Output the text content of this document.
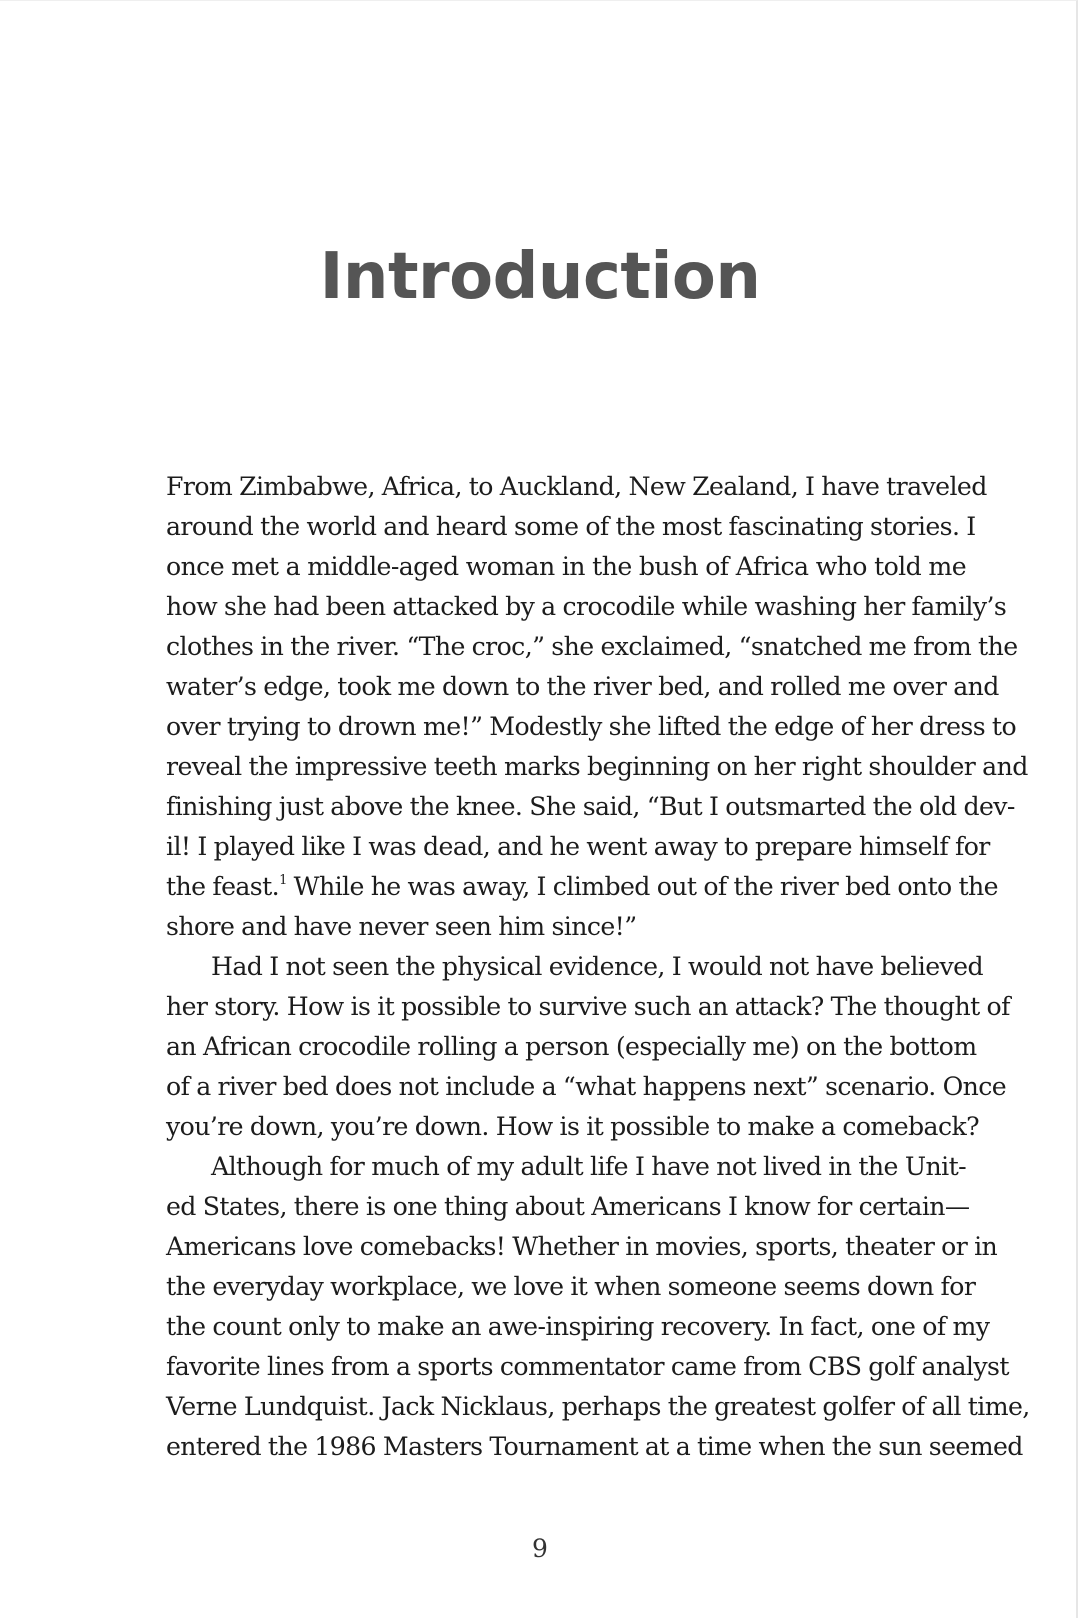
Introduction

From Zimbabwe, Africa, to Auckland, New Zealand, I have traveled
around the world and heard some of the most fascinating stories. I
once met a middle-aged woman in the bush of Africa who told me
how she had been attacked by a crocodile while washing her family’s
clothes in the river. “The croc,” she exclaimed, “snatched me from the
water’s edge, took me down to the river bed, and rolled me over and
over trying to drown me!” Modestly she lifted the edge of her dress to
reveal the impressive teeth marks beginning on her right shoulder and
finishing just above the knee. She said, “But I outsmarted the old dev-
il! I played like I was dead, and he went away to prepare himself for
the feast.$^1$ While he was away, I climbed out of the river bed onto the
shore and have never seen him since!”

Had I not seen the physical evidence, I would not have believed
her story. How is it possible to survive such an attack? The thought of
an African crocodile rolling a person (especially me) on the bottom
of a river bed does not include a “what happens next” scenario. Once
you’re down, you’re down. How is it possible to make a comeback?

Although for much of my adult life I have not lived in the Unit-
ed States, there is one thing about Americans I know for certain—
Americans love comebacks! Whether in movies, sports, theater or in
the everyday workplace, we love it when someone seems down for
the count only to make an awe-inspiring recovery. In fact, one of my
favorite lines from a sports commentator came from CBS golf analyst
Verne Lundquist. Jack Nicklaus, perhaps the greatest golfer of all time,
entered the 1986 Masters Tournament at a time when the sun seemed

9
